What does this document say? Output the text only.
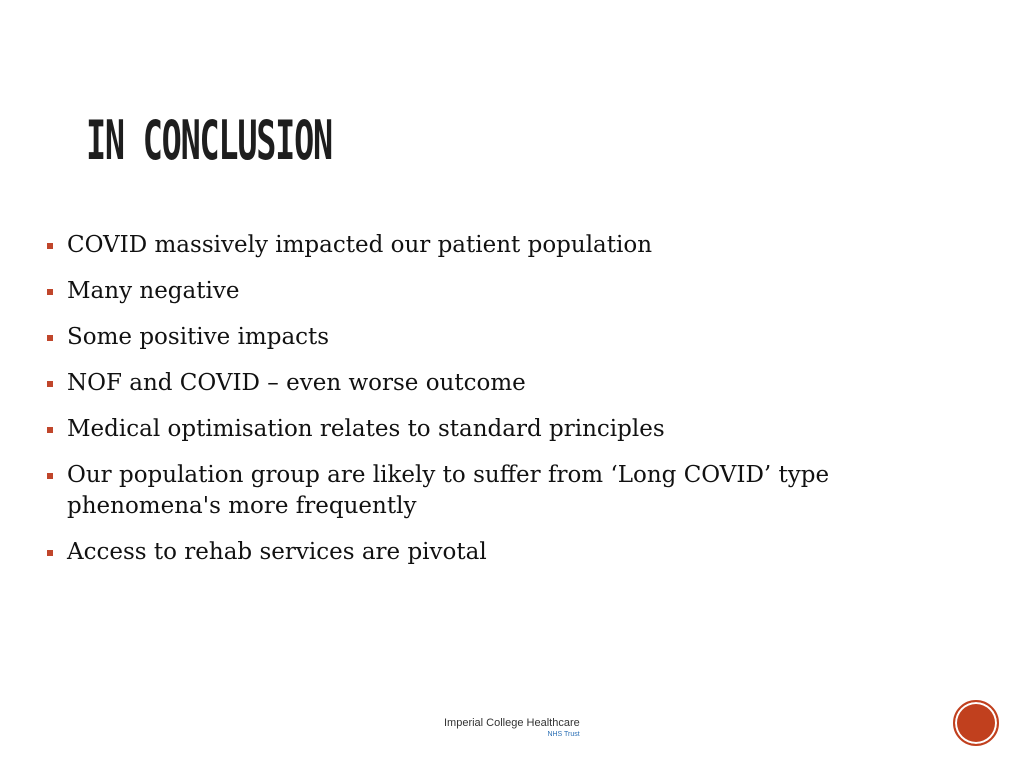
IN CONCLUSION
COVID massively impacted our patient population
Many negative
Some positive impacts
NOF and COVID – even worse outcome
Medical optimisation relates to standard principles
Our population group are likely to suffer from ‘Long COVID’ type phenomena's more frequently
Access to rehab services are pivotal
Imperial College Healthcare
NHS Trust
